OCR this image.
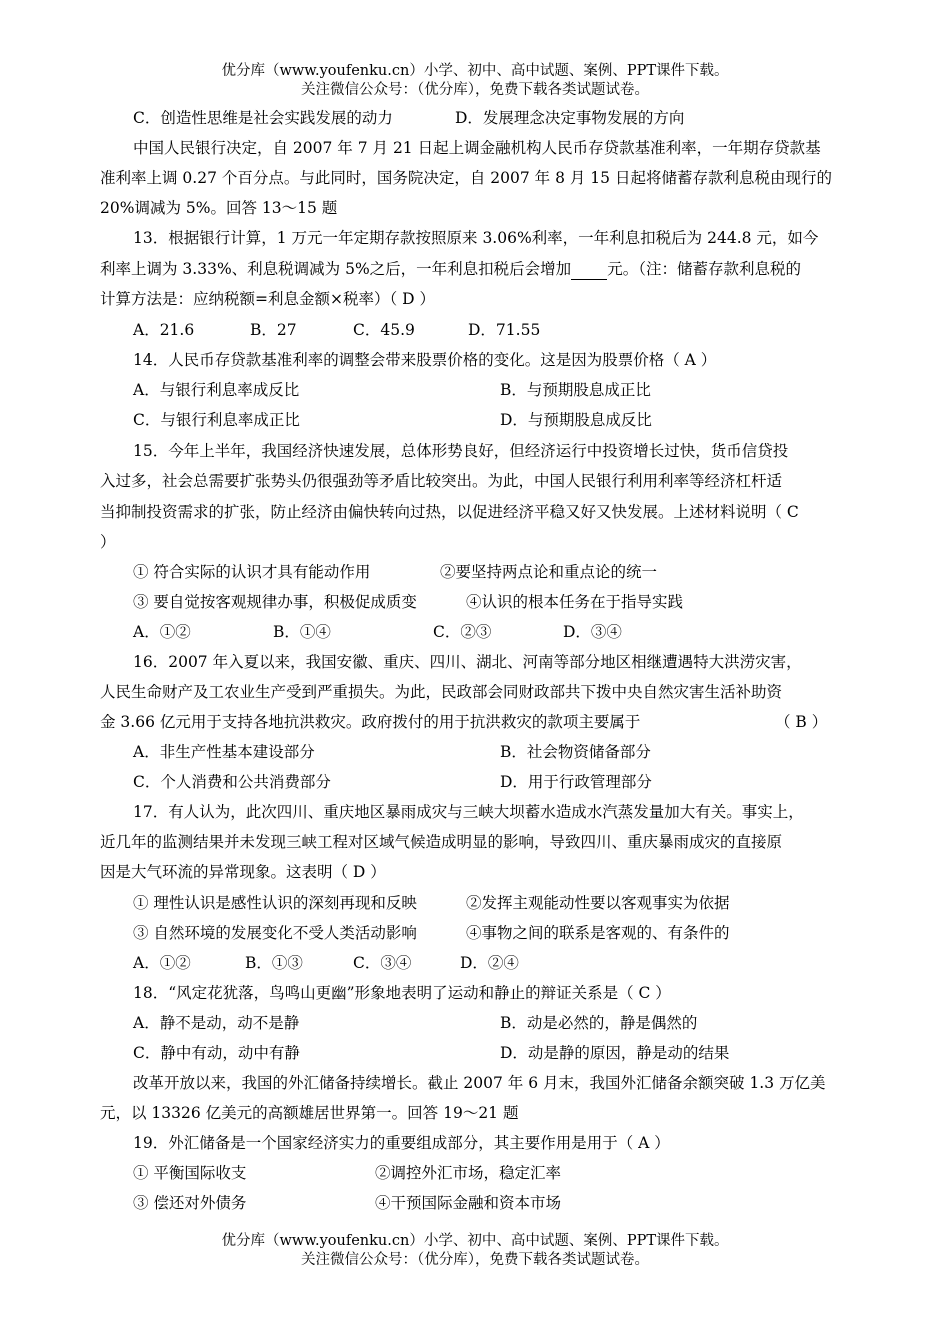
优分库（www.youfenku.cn）小学、初中、高中试题、案例、PPT课件下载。
关注微信公众号：（优分库），免费下载各类试题试卷。
C．创造性思维是社会实践发展的动力	D．发展理念决定事物发展的方向
中国人民银行决定，自 2007 年 7 月 21 日起上调金融机构人民币存贷款基准利率，一年期存贷款基
准利率上调 0.27 个百分点。与此同时，国务院决定，自 2007 年 8 月 15 日起将储蓄存款利息税由现行的
20%调减为 5%。回答 13～15 题
13．根据银行计算，1 万元一年定期存款按照原来 3.06%利率，一年利息扣税后为 244.8 元，如今
利率上调为 3.33%、利息税调减为 5%之后，一年利息扣税后会增加 元。（注：储蓄存款利息税的
计算方法是：应纳税额=利息金额×税率）（ D ）
A．21.6	B．27	C．45.9	D．71.55
14．人民币存贷款基准利率的调整会带来股票价格的变化。这是因为股票价格（ A ）
A．与银行利息率成反比	B．与预期股息成正比
C．与银行利息率成正比	D．与预期股息成反比
15．今年上半年，我国经济快速发展，总体形势良好，但经济运行中投资增长过快，货币信贷投
入过多，社会总需要扩张势头仍很强劲等矛盾比较突出。为此，中国人民银行利用利率等经济杠杆适
当抑制投资需求的扩张，防止经济由偏快转向过热，以促进经济平稳又好又快发展。上述材料说明（ C
）
① 符合实际的认识才具有能动作用	②要坚持两点论和重点论的统一
③ 要自觉按客观规律办事，积极促成质变	④认识的根本任务在于指导实践
A．①②	B．①④	C．②③	D．③④
16．2007 年入夏以来，我国安徽、重庆、四川、湖北、河南等部分地区相继遭遇特大洪涝灾害，
人民生命财产及工农业生产受到严重损失。为此，民政部会同财政部共下拨中央自然灾害生活补助资
金 3.66 亿元用于支持各地抗洪救灾。政府拨付的用于抗洪救灾的款项主要属于	（ B ）
A．非生产性基本建设部分	B．社会物资储备部分
C．个人消费和公共消费部分	D．用于行政管理部分
17．有人认为，此次四川、重庆地区暴雨成灾与三峡大坝蓄水造成水汽蒸发量加大有关。事实上，
近几年的监测结果并未发现三峡工程对区域气候造成明显的影响，导致四川、重庆暴雨成灾的直接原
因是大气环流的异常现象。这表明（ D ）
① 理性认识是感性认识的深刻再现和反映	②发挥主观能动性要以客观事实为依据
③ 自然环境的发展变化不受人类活动影响	④事物之间的联系是客观的、有条件的
A．①②	B．①③	C．③④	D．②④
18．“风定花犹落，鸟鸣山更幽”形象地表明了运动和静止的辩证关系是（ C ）
A．静不是动，动不是静	B．动是必然的，静是偶然的
C．静中有动，动中有静	D．动是静的原因，静是动的结果
改革开放以来，我国的外汇储备持续增长。截止 2007 年 6 月末，我国外汇储备余额突破 1.3 万亿美
元，以 13326 亿美元的高额雄居世界第一。回答 19～21 题
19．外汇储备是一个国家经济实力的重要组成部分，其主要作用是用于（ A ）
① 平衡国际收支	②调控外汇市场，稳定汇率
③ 偿还对外债务	④干预国际金融和资本市场
优分库（www.youfenku.cn）小学、初中、高中试题、案例、PPT课件下载。
关注微信公众号：（优分库），免费下载各类试题试卷。
